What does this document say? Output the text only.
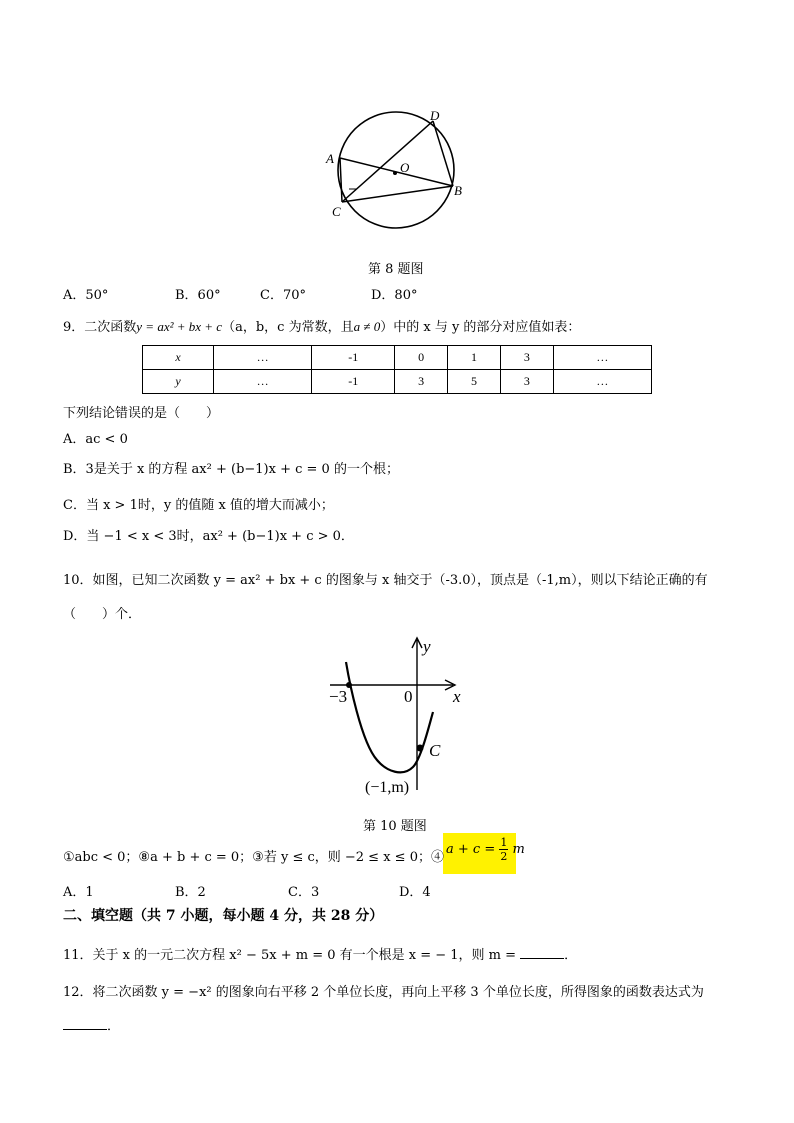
A
B
C
D
O
第 8 题图
A．50°	B．60°	C．70°	D．80°
9．二次函数y = ax² + bx + c（a，b，c 为常数，且a ≠ 0）中的 x 与 y 的部分对应值如表：
x	…	-1	0	1	3	…
y	…	-1	3	5	3	…
下列结论错误的是（　　）
A．ac < 0
B．3是关于 x 的方程 ax² + (b−1)x + c = 0 的一个根；
C．当 x > 1时，y 的值随 x 值的增大而减小；
D．当 −1 < x < 3时，ax² + (b−1)x + c > 0．
10．如图，已知二次函数 y = ax² + bx + c 的图象与 x 轴交于（-3.0），顶点是（-1,m），则以下结论正确的有
（　　）个．
y
x
0
−3
C
(−1,m)
第 10 题图
①abc < 0；⑧a + b + c = 0；③若 y ≤ c，则 −2 ≤ x ≤ 0；④
$a + c = \frac{1}{2}$ m
A．1	B．2	C．3	D．4
二、填空题（共 7 小题，每小题 4 分，共 28 分）
11．关于 x 的一元二次方程 x² − 5x + m = 0 有一个根是 x = − 1，则 m =	．
12．将二次函数 y = −x² 的图象向右平移 2 个单位长度，再向上平移 3 个单位长度，所得图象的函数表达式为
．
